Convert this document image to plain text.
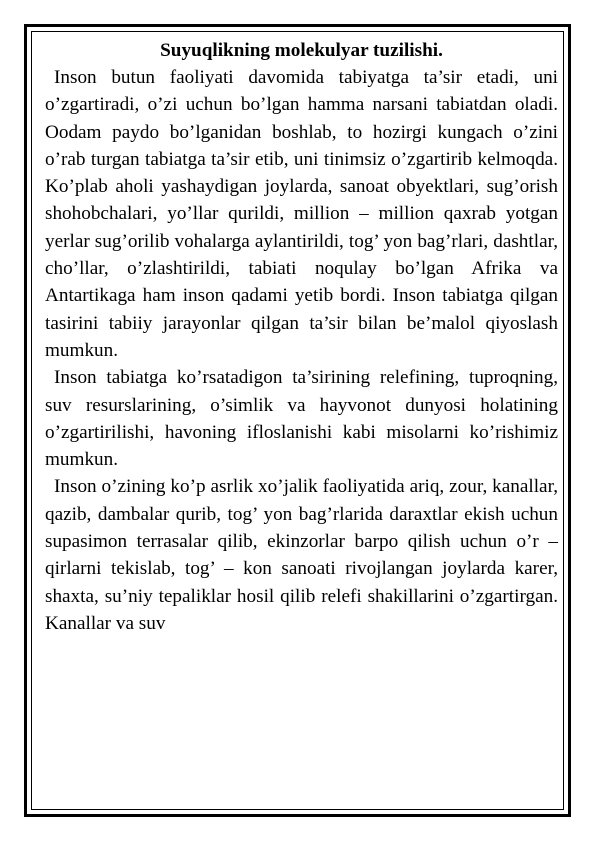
Suyuqlikning molekulyar tuzilishi.

Inson butun faoliyati davomida tabiyatga ta’sir etadi, uni o’zgartiradi, o’zi uchun bo’lgan hamma narsani tabiatdan oladi. Oodam paydo bo’lganidan boshlab, to hozirgi kungach o’zini o’rab turgan tabiatga ta’sir etib, uni tinimsiz o’zgartirib kelmoqda. Ko’plab aholi yashaydigan joylarda, sanoat obyektlari, sug’orish shohobchalari, yo’llar qurildi, million – million qaxrab yotgan yerlar sug’orilib vohalarga aylantirildi, tog’ yon bag’rlari, dashtlar, cho’llar, o’zlashtirildi, tabiati noqulay bo’lgan Afrika va Antartikaga ham inson qadami yetib bordi. Inson tabiatga qilgan tasirini tabiiy jarayonlar qilgan ta’sir bilan be’malol qiyoslash mumkun.

Inson tabiatga ko’rsatadigon ta’sirining relefining, tuproqning, suv resurslarining, o’simlik va hayvonot dunyosi holatining o’zgartirilishi, havoning ifloslanishi kabi misolarni ko’rishimiz mumkun.

Inson o’zining ko’p asrlik xo’jalik faoliyatida ariq, zour, kanallar, qazib, dambalar qurib, tog’ yon bag’rlarida daraxtlar ekish uchun supasimon terrasalar qilib, ekinzorlar barpo qilish uchun o’r – qirlarni tekislab, tog’ – kon sanoati rivojlangan joylarda karer, shaxta, su’niy tepaliklar hosil qilib relefi shakillarini o’zgartirgan. Kanallar va suv
